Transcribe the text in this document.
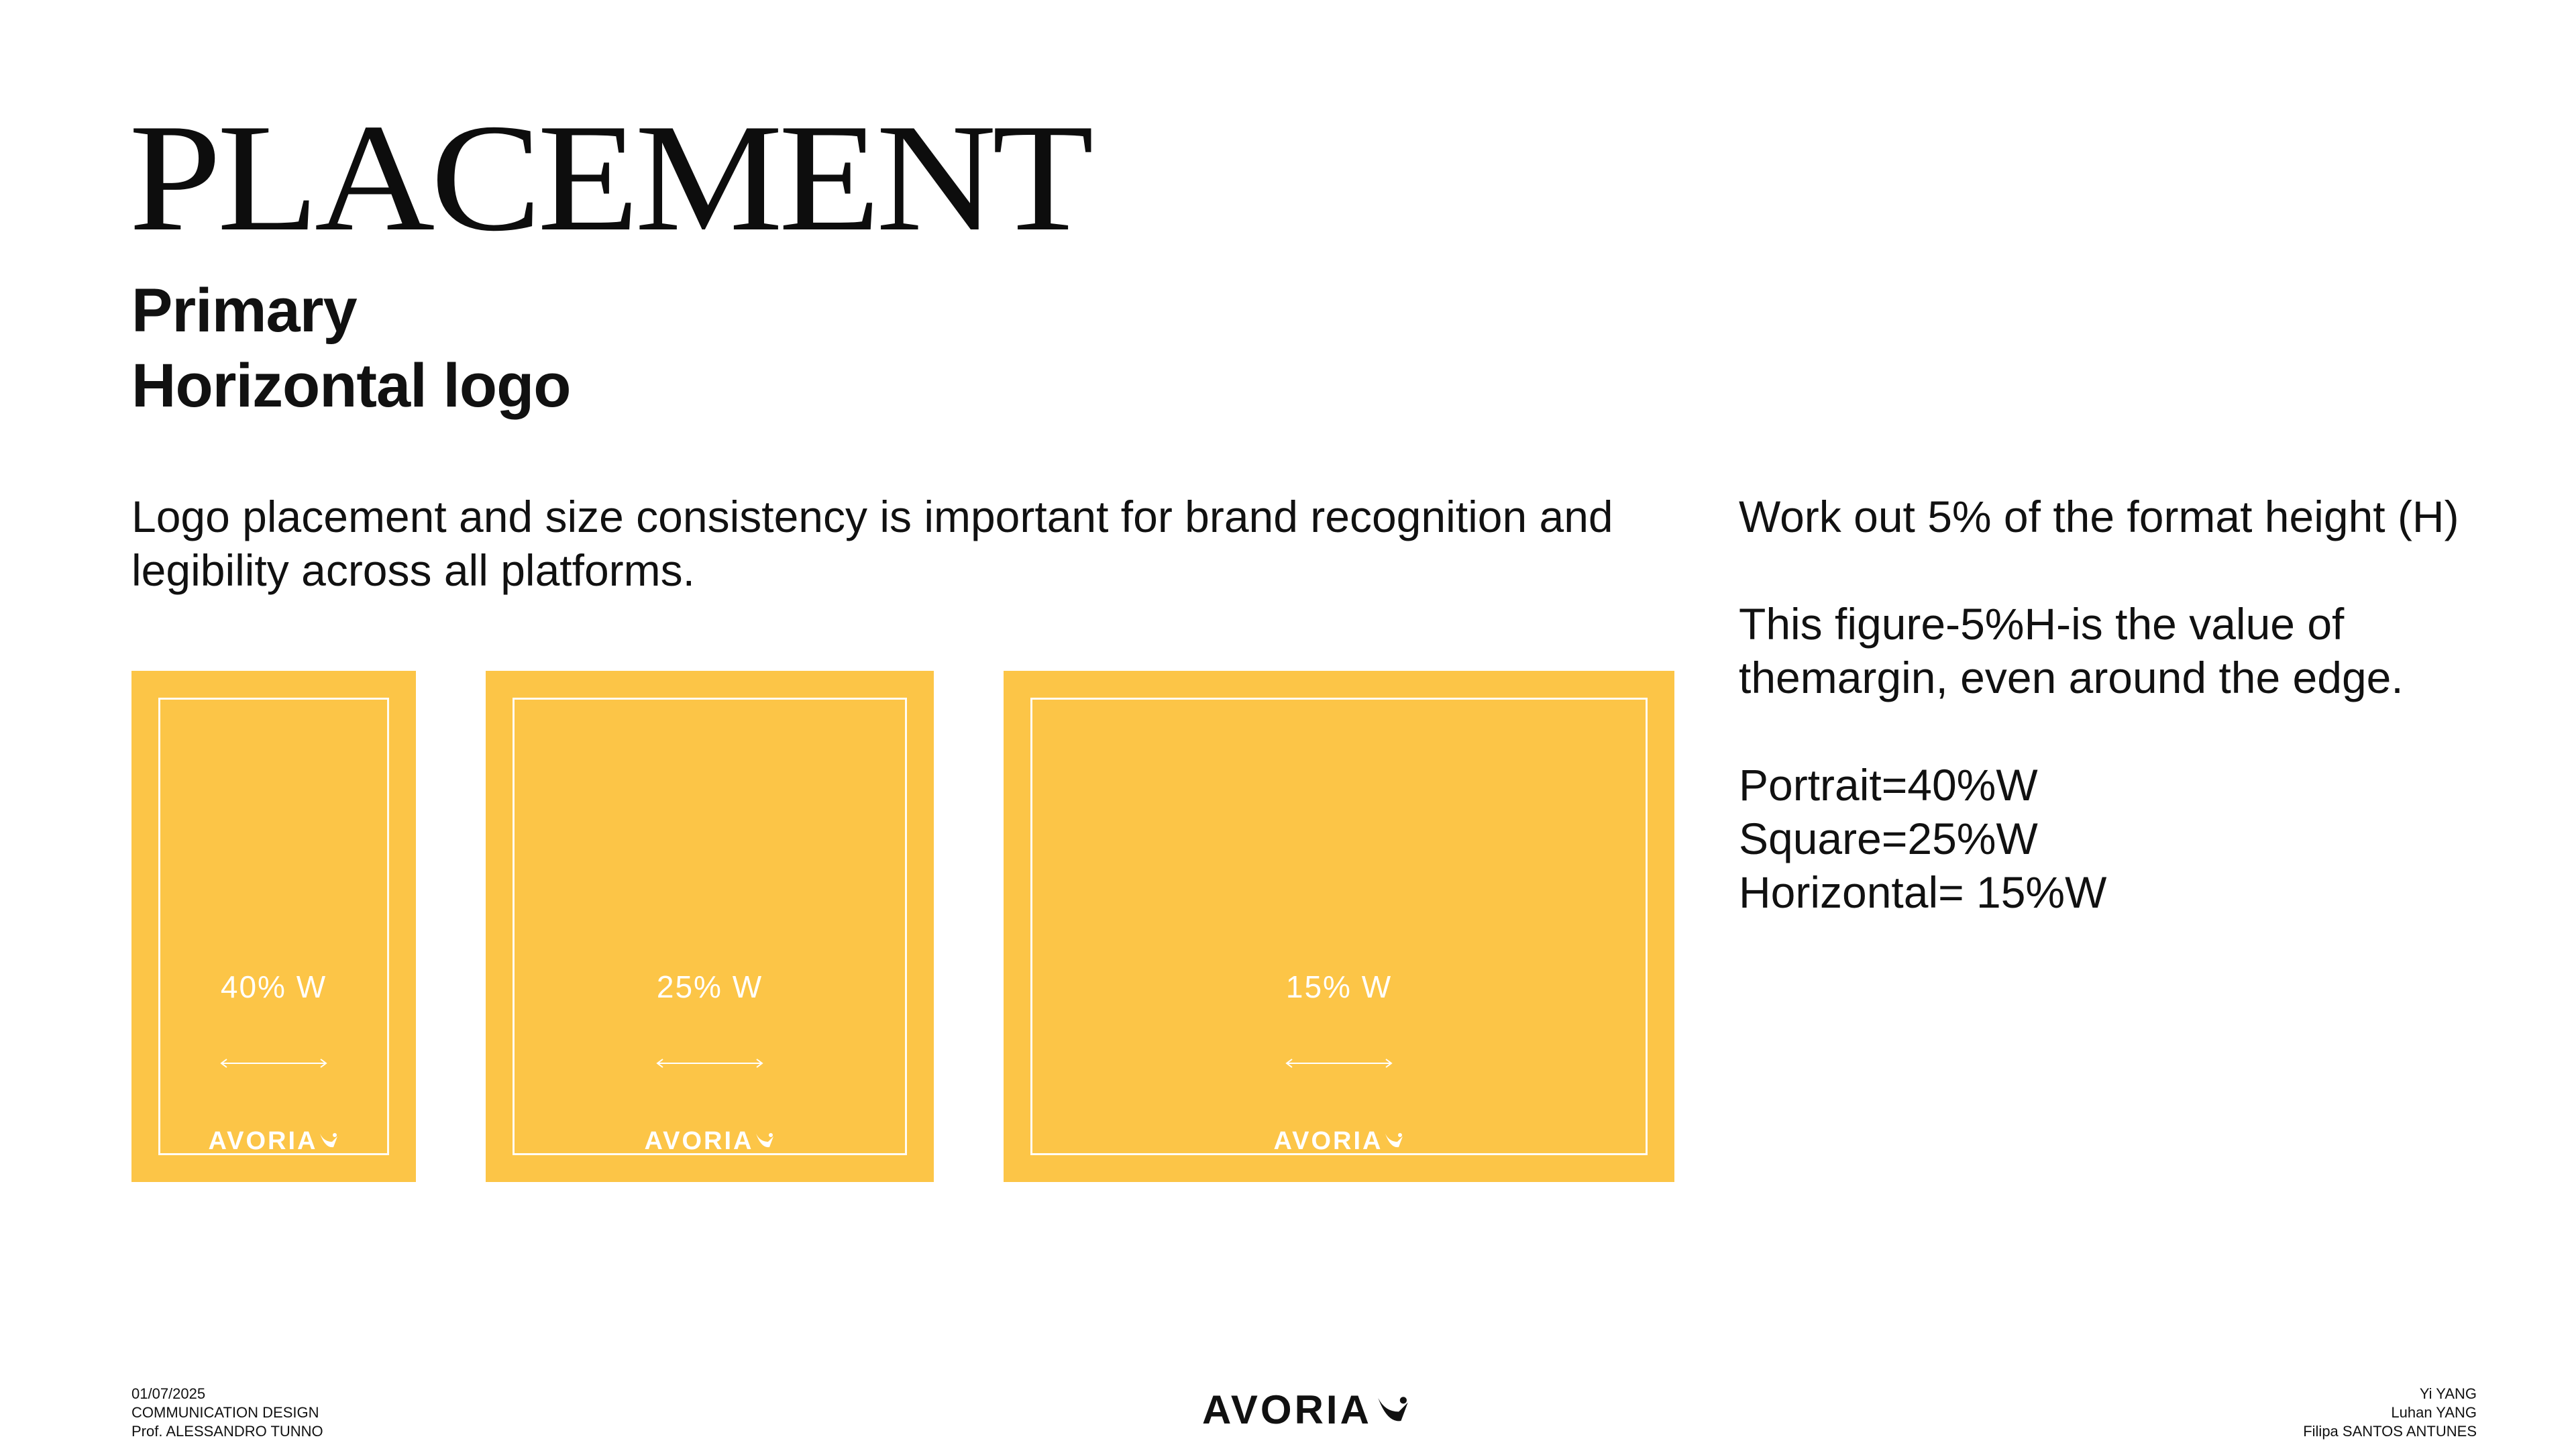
PLACEMENT
Primary
Horizontal logo
Logo placement and size consistency is important for brand recognition and legibility across all platforms.

Work out 5% of the format height (H)

This figure-5%H-is the value of

themargin, even around the edge.

Portrait=40%W

Square=25%W

Horizontal= 15%W

40% W
AVORIA
25% W
AVORIA
15% W
AVORIA
01/07/2025
COMMUNICATION DESIGN
Prof. ALESSANDRO TUNNO	AVORIA	Yi YANG
Luhan YANG
Filipa SANTOS ANTUNES
